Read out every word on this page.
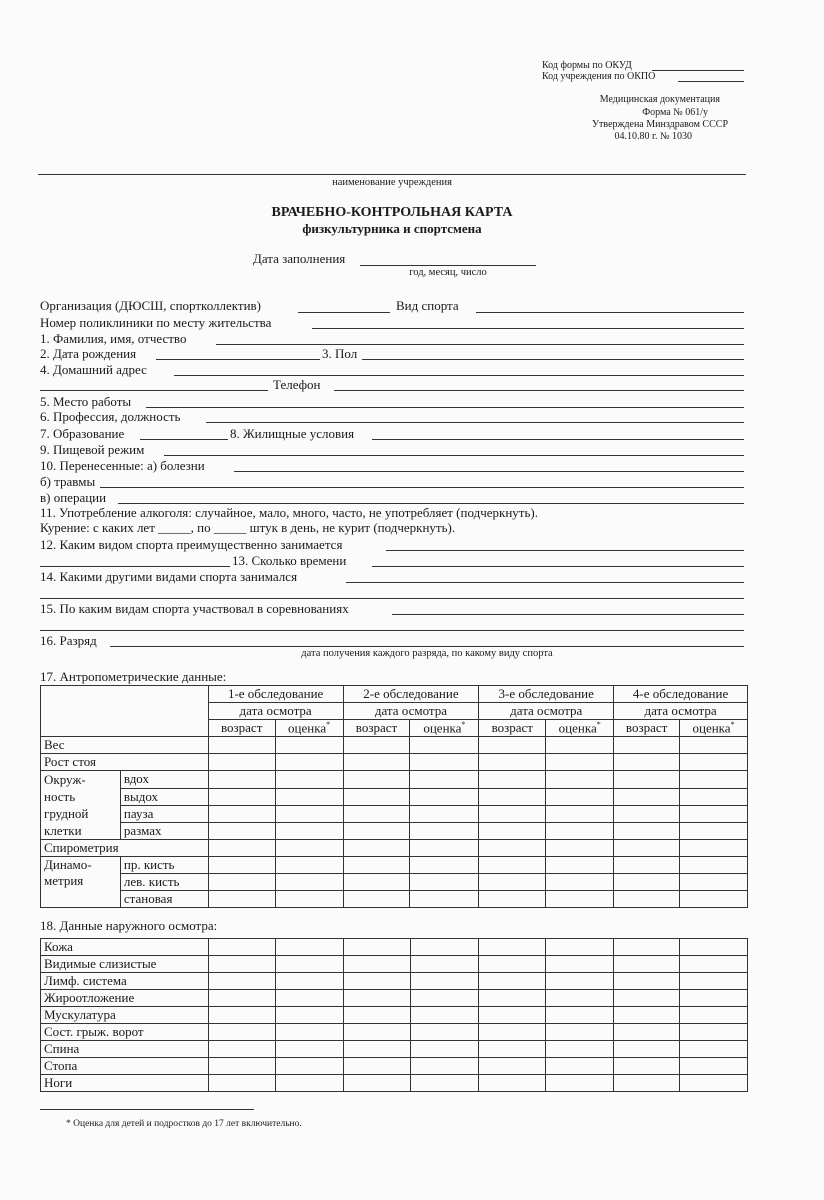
Код формы по ОКУД
Код учреждения по ОКПО
Медицинская документация
Форма № 061/у
Утверждена Минздравом СССР
04.10.80 г. № 1030
наименование учреждения
ВРАЧЕБНО-КОНТРОЛЬНАЯ КАРТА
физкультурника и спортсмена
Дата заполнения
год, месяц, число
Организация (ДЮСШ, спортколлектив)	Вид спорта
Номер поликлиники по месту жительства
1. Фамилия, имя, отчество
2. Дата рождения	3. Пол
4. Домашний адрес
Телефон
5. Место работы
6. Профессия, должность
7. Образование	8. Жилищные условия
9. Пищевой режим
10. Перенесенные: а) болезни
б) травмы
в) операции
11. Употребление алкоголя: случайное, мало, много, часто, не употребляет (подчеркнуть).
Курение: с каких лет _____, по _____ штук в день, не курит (подчеркнуть).
12. Каким видом спорта преимущественно занимается
13. Сколько времени
14. Какими другими видами спорта занимался
15. По каким видам спорта участвовал в соревнованиях
16. Разряд
дата получения каждого разряда, по какому виду спорта
17. Антропометрические данные:
		1-е обследование		2-е обследование		3-е обследование		4-е обследование	
		дата осмотра		дата осмотра		дата осмотра		дата осмотра	
		возраст	оценка*	возраст	оценка*	возраст	оценка*	возраст	оценка*
Вес									
Рост стоя									
Окруж-
ность
грудной
клетки	вдох								
	выдох								
	пауза								
	размах								
Спирометрия									
Динамо-
метрия	пр. кисть								
	лев. кисть								
	становая								
18. Данные наружного осмотра:
Кожа								
Видимые слизистые								
Лимф. система								
Жироотложение								
Мускулатура								
Сост. грыж. ворот								
Спина								
Стопа								
Ноги								
* Оценка для детей и подростков до 17 лет включительно.
